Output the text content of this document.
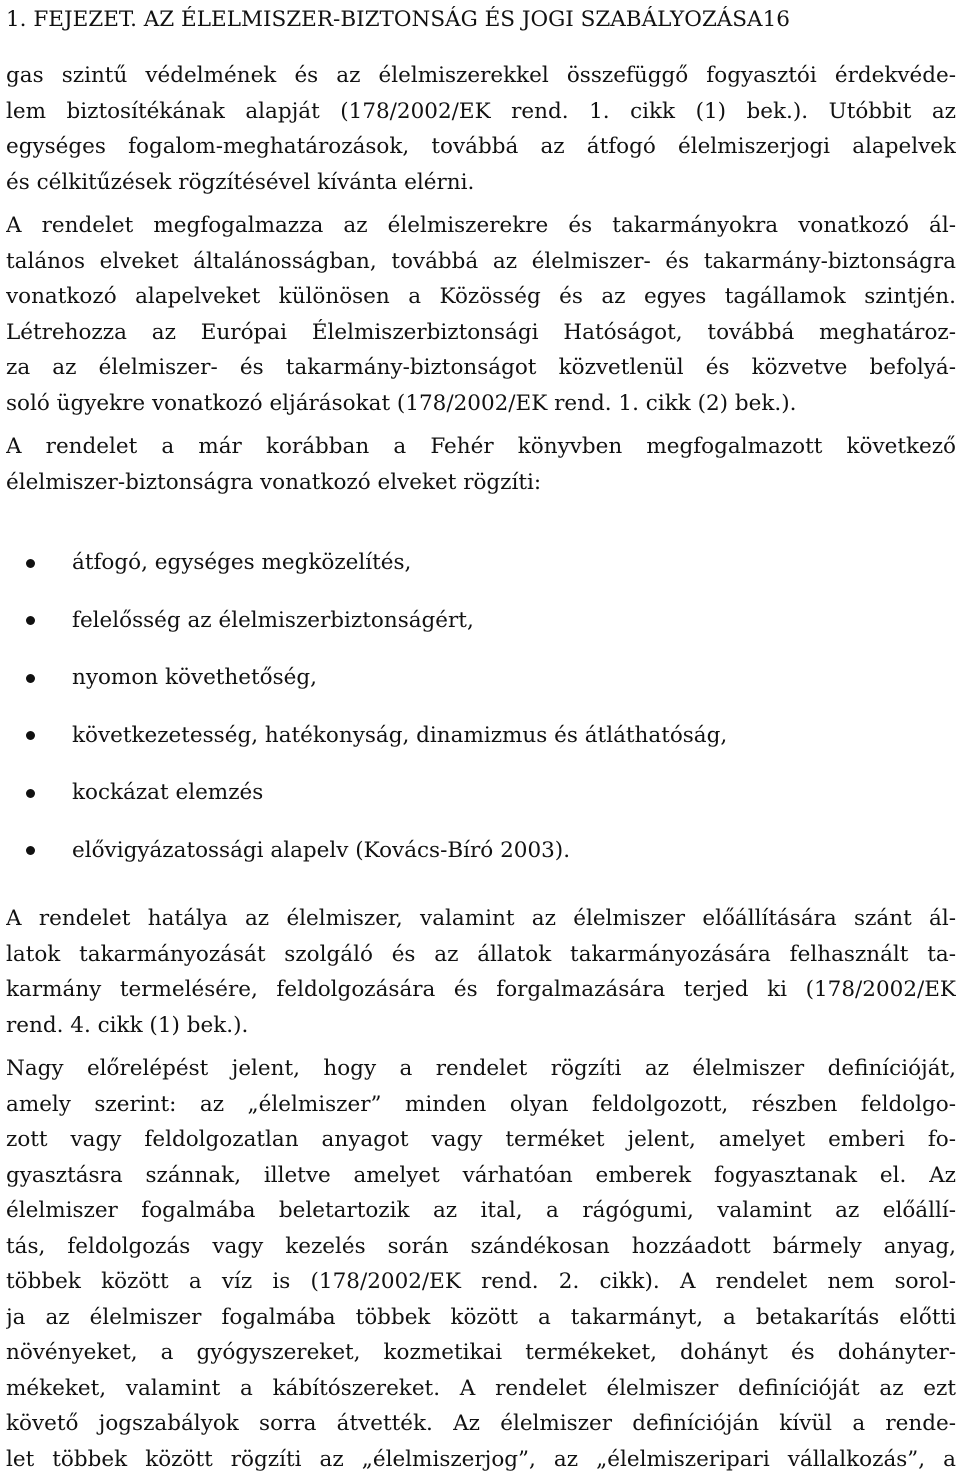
1. FEJEZET. AZ ÉLELMISZER-BIZTONSÁG ÉS JOGI SZABÁLYOZÁSA16
gas szintű védelmének és az élelmiszerekkel összefüggő fogyasztói érdekvéde-
lem biztosítékának alapját (178/2002/EK rend. 1. cikk (1) bek.). Utóbbit az
egységes fogalom-meghatározások, továbbá az átfogó élelmiszerjogi alapelvek
és célkitűzések rögzítésével kívánta elérni.
A rendelet megfogalmazza az élelmiszerekre és takarmányokra vonatkozó ál-
talános elveket általánosságban, továbbá az élelmiszer- és takarmány-biztonságra
vonatkozó alapelveket különösen a Közösség és az egyes tagállamok szintjén.
Létrehozza az Európai Élelmiszerbiztonsági Hatóságot, továbbá meghatároz-
za az élelmiszer- és takarmány-biztonságot közvetlenül és közvetve befolyá-
soló ügyekre vonatkozó eljárásokat (178/2002/EK rend. 1. cikk (2) bek.).
A rendelet a már korábban a Fehér könyvben megfogalmazott következő
élelmiszer-biztonságra vonatkozó elveket rögzíti:
átfogó, egységes megközelítés,
felelősség az élelmiszerbiztonságért,
nyomon követhetőség,
következetesség, hatékonyság, dinamizmus és átláthatóság,
kockázat elemzés
elővigyázatossági alapelv (Kovács-Bíró 2003).
A rendelet hatálya az élelmiszer, valamint az élelmiszer előállítására szánt ál-
latok takarmányozását szolgáló és az állatok takarmányozására felhasznált ta-
karmány termelésére, feldolgozására és forgalmazására terjed ki (178/2002/EK
rend. 4. cikk (1) bek.).
Nagy előrelépést jelent, hogy a rendelet rögzíti az élelmiszer definícióját,
amely szerint: az „élelmiszer” minden olyan feldolgozott, részben feldolgo-
zott vagy feldolgozatlan anyagot vagy terméket jelent, amelyet emberi fo-
gyasztásra szánnak, illetve amelyet várhatóan emberek fogyasztanak el. Az
élelmiszer fogalmába beletartozik az ital, a rágógumi, valamint az előállí-
tás, feldolgozás vagy kezelés során szándékosan hozzáadott bármely anyag,
többek között a víz is (178/2002/EK rend. 2. cikk). A rendelet nem sorol-
ja az élelmiszer fogalmába többek között a takarmányt, a betakarítás előtti
növényeket, a gyógyszereket, kozmetikai termékeket, dohányt és dohányter-
mékeket, valamint a kábítószereket. A rendelet élelmiszer definícióját az ezt
követő jogszabályok sorra átvették. Az élelmiszer definícióján kívül a rende-
let többek között rögzíti az „élelmiszerjog”, az „élelmiszeripari vállalkozás”, a
